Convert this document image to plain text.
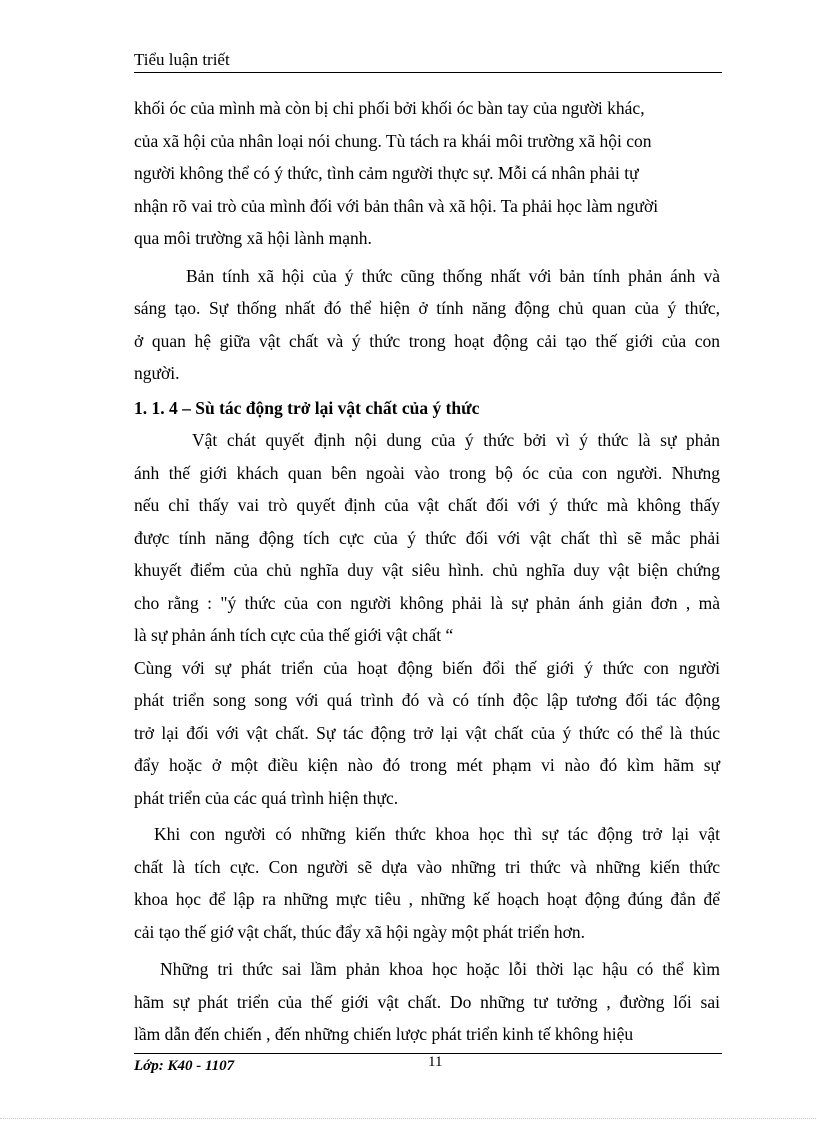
Tiểu luận triết

khối óc của mình mà còn bị chi phối bởi khối óc bàn tay của người khác,
của xã hội của nhân loại nói chung. Tù tách ra khái môi trường xã hội con
người không thể có ý thức, tình cảm người thực sự. Mỗi cá nhân phải tự
nhận rõ vai trò của mình đối với bản thân và xã hội. Ta phải học làm người
qua môi trường xã hội lành mạnh.

Bản tính xã hội của ý thức cũng thống nhất với bản tính phản ánh và
sáng tạo. Sự thống nhất đó thể hiện ở tính năng động chủ quan của ý thức,
ở quan hệ giữa vật chất và ý thức trong hoạt động cải tạo thế giới của con
người.

1. 1. 4 – Sù tác động trở lại vật chất của ý thức

Vật chát quyết định nội dung của ý thức bởi vì ý thức là sự phản
ánh thế giới khách quan bên ngoài vào trong bộ óc của con người. Nhưng
nếu chỉ thấy vai trò quyết định của vật chất đối với ý thức mà không thấy
được tính năng động tích cực của ý thức đối với vật chất thì sẽ mắc phải
khuyết điểm của chủ nghĩa duy vật siêu hình. chủ nghĩa duy vật biện chứng
cho rằng : "ý thức của con người không phải là sự phản ánh giản đơn , mà
là sự phản ánh tích cực của thế giới vật chất “

Cùng với sự phát triển của hoạt động biến đổi thế giới ý thức con người
phát triển song song với quá trình đó và có tính độc lập tương đối tác động
trở lại đối với vật chất. Sự tác động trở lại vật chất của ý thức có thể là thúc
đẩy hoặc ở một điều kiện nào đó trong mét phạm vi nào đó kìm hãm sự
phát triển của các quá trình hiện thực.

Khi con người có những kiến thức khoa học thì sự tác động trở lại vật
chất là tích cực. Con người sẽ dựa vào những tri thức và những kiến thức
khoa học để lập ra những mực tiêu , những kế hoạch hoạt động đúng đắn để
cải tạo thế giớ vật chất, thúc đẩy xã hội ngày một phát triển hơn.

Những tri thức sai lầm phản khoa học hoặc lỗi thời lạc hậu có thể kìm
hãm sự phát triển của thế giới vật chất. Do những tư tưởng , đường lối sai
lầm dẫn đến chiến , đến những chiến lược phát triển kinh tế không hiệu

Lớp: K40 - 1107	11
